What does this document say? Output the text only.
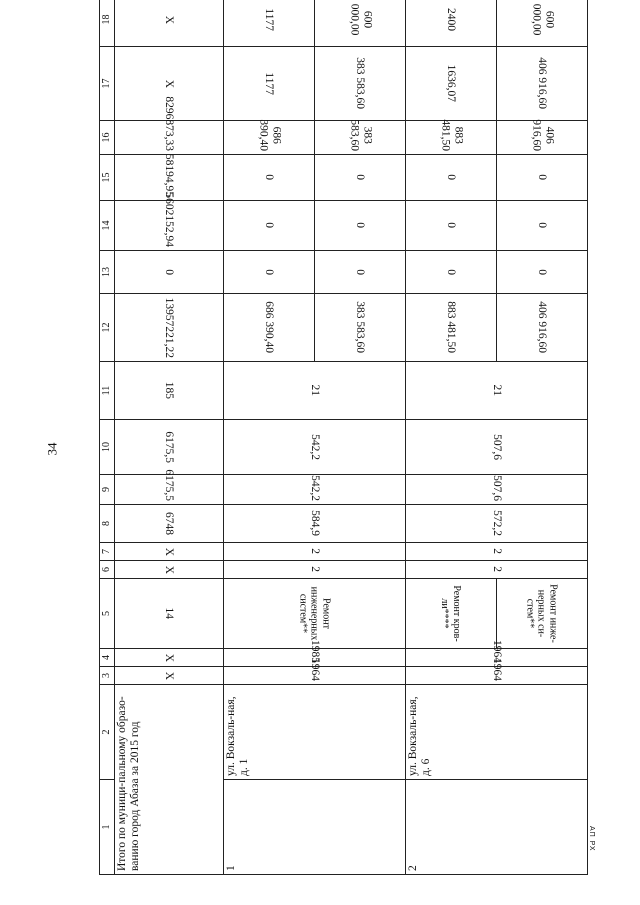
34
1	2	3	4	5	6	7	8	9	10	11	12	13	14	15	16	17	18	
Итого по муници-пальному образо-ванию город Абаза за 2015 год		Х	Х	14	Х	Х	6748	6175,5	6175,5	185	13957221,22	0	5602152,94	58194,95	8296873,33	Х	Х	
1	ул. Вокзаль-ная, д. 1	1964	1985	Ремонт инженерных систем**	2	2	584,9	542,2	542,2	21	686 390,40	0	0	0	686 390,40	1177	1177	
											383 583,60	0	0	0	383 583,60	383 583,60	600 000,00	
2	ул. Вокзаль-ная, д. 6	1964	1964	Ремонт кров-ли****	2	2	572,2	507,6	507,6	21	883 481,50	0	0	0	883 481,50	1636,07	2400	
				Ремонт инже-нерных си-стем**							406 916,60	0	0	0	406 916,60	406 916,60	600 000,00	
АП РХ
